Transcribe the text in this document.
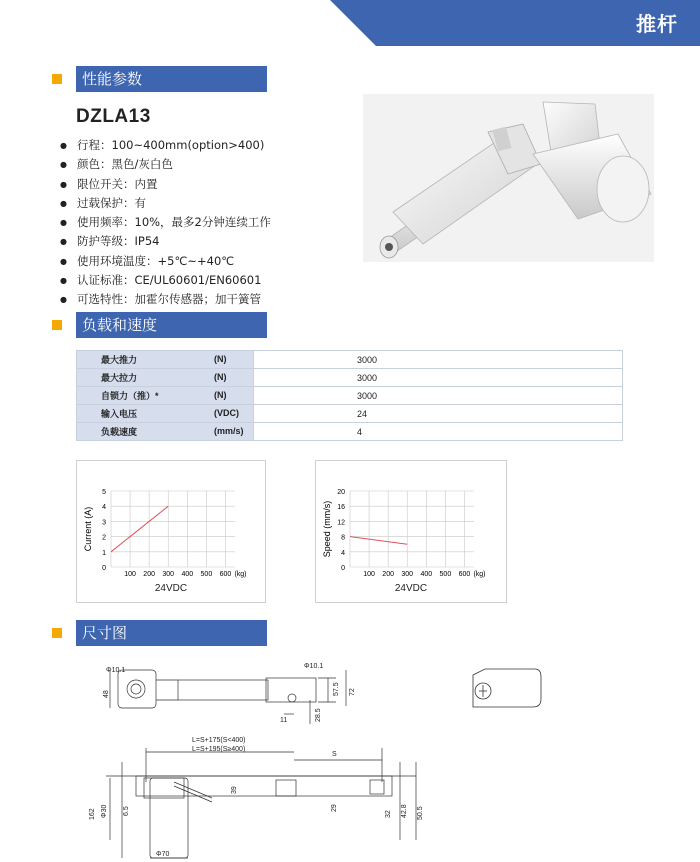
推杆
性能参数
DZLA13
● 行程：100~400mm(option>400)
● 颜色：黑色/灰白色
● 限位开关：内置
● 过载保护：有
● 使用频率：10%，最多2分钟连续工作
● 防护等级：IP54
● 使用环境温度：+5℃~+40℃
● 认证标准：CE/UL60601/EN60601
● 可选特性：加霍尔传感器；加干簧管
负载和速度
最大推力 (N)	3000
最大拉力 (N)	3000
自锁力（推）* (N)	3000
输入电压 (VDC)	24
负载速度 (mm/s)	4
0
1
2
3
4
5
100 200 300 400 500 600 (kg)
Current (A)
24VDC
0
4
8
12
16
20
100 200 300 400 500 600 (kg)
Speed (mm/s)
24VDC
尺寸图
Φ10.1
Φ10.1
48	57.5 72
11	28.5
L=S+175(S<400)
L=S+195(S≥400)
S
162 Φ30 6.5
39
29
32 42.8 50.5
Φ70
